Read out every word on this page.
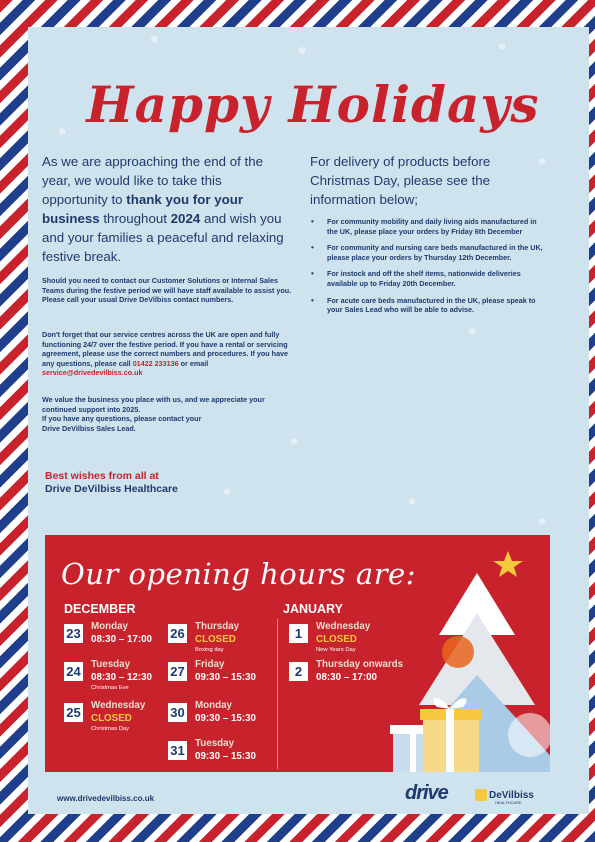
❄
❄	❄
❄
❄
❄
❄
❄
❄
❄
Happy Holidays

As we are approaching the end of the year, we would like to take this opportunity to thank you for your business throughout 2024 and wish you and your families a peaceful and relaxing festive break.

Should you need to contact our Customer Solutions or Internal Sales Teams during the festive period we will have staff available to assist you. Please call your usual Drive DeVilbiss contact numbers.

Don't forget that our service centres across the UK are open and fully functioning 24/7 over the festive period. If you have a rental or servicing agreement, please use the correct numbers and procedures. If you have any questions, please call 01422 233136 or email service@drivedevilbiss.co.uk

We value the business you place with us, and we appreciate your continued support into 2025.
If you have any questions, please contact your
Drive DeVilbiss Sales Lead.

For delivery of products before Christmas Day, please see the information below;

• For community mobility and daily living aids manufactured in the UK, please place your orders by Friday 6th December
• For community and nursing care beds manufactured in the UK, please place your orders by Thursday 12th December.
• For instock and off the shelf items, nationwide deliveries available up to Friday 20th December.
• For acute care beds manufactured in the UK, please speak to your Sales Lead who will be able to advise.
Best wishes from all at
Drive DeVilbiss Healthcare
Our opening hours are:
DECEMBER	JANUARY
23 Monday
08:30 – 17:00
24 Tuesday
08:30 – 12:30
Christmas Eve
25 Wednesday
CLOSED
Christmas Day
26 Thursday
CLOSED
Boxing day
27 Friday
09:30 – 15:30
30 Monday
09:30 – 15:30
31 Tuesday
09:30 – 15:30
1	Wednesday
CLOSED
New Years Day
2	Thursday onwards
08:30 – 17:00
www.drivedevilbiss.co.uk	drive	DeVilbiss
HEALTHCARE
